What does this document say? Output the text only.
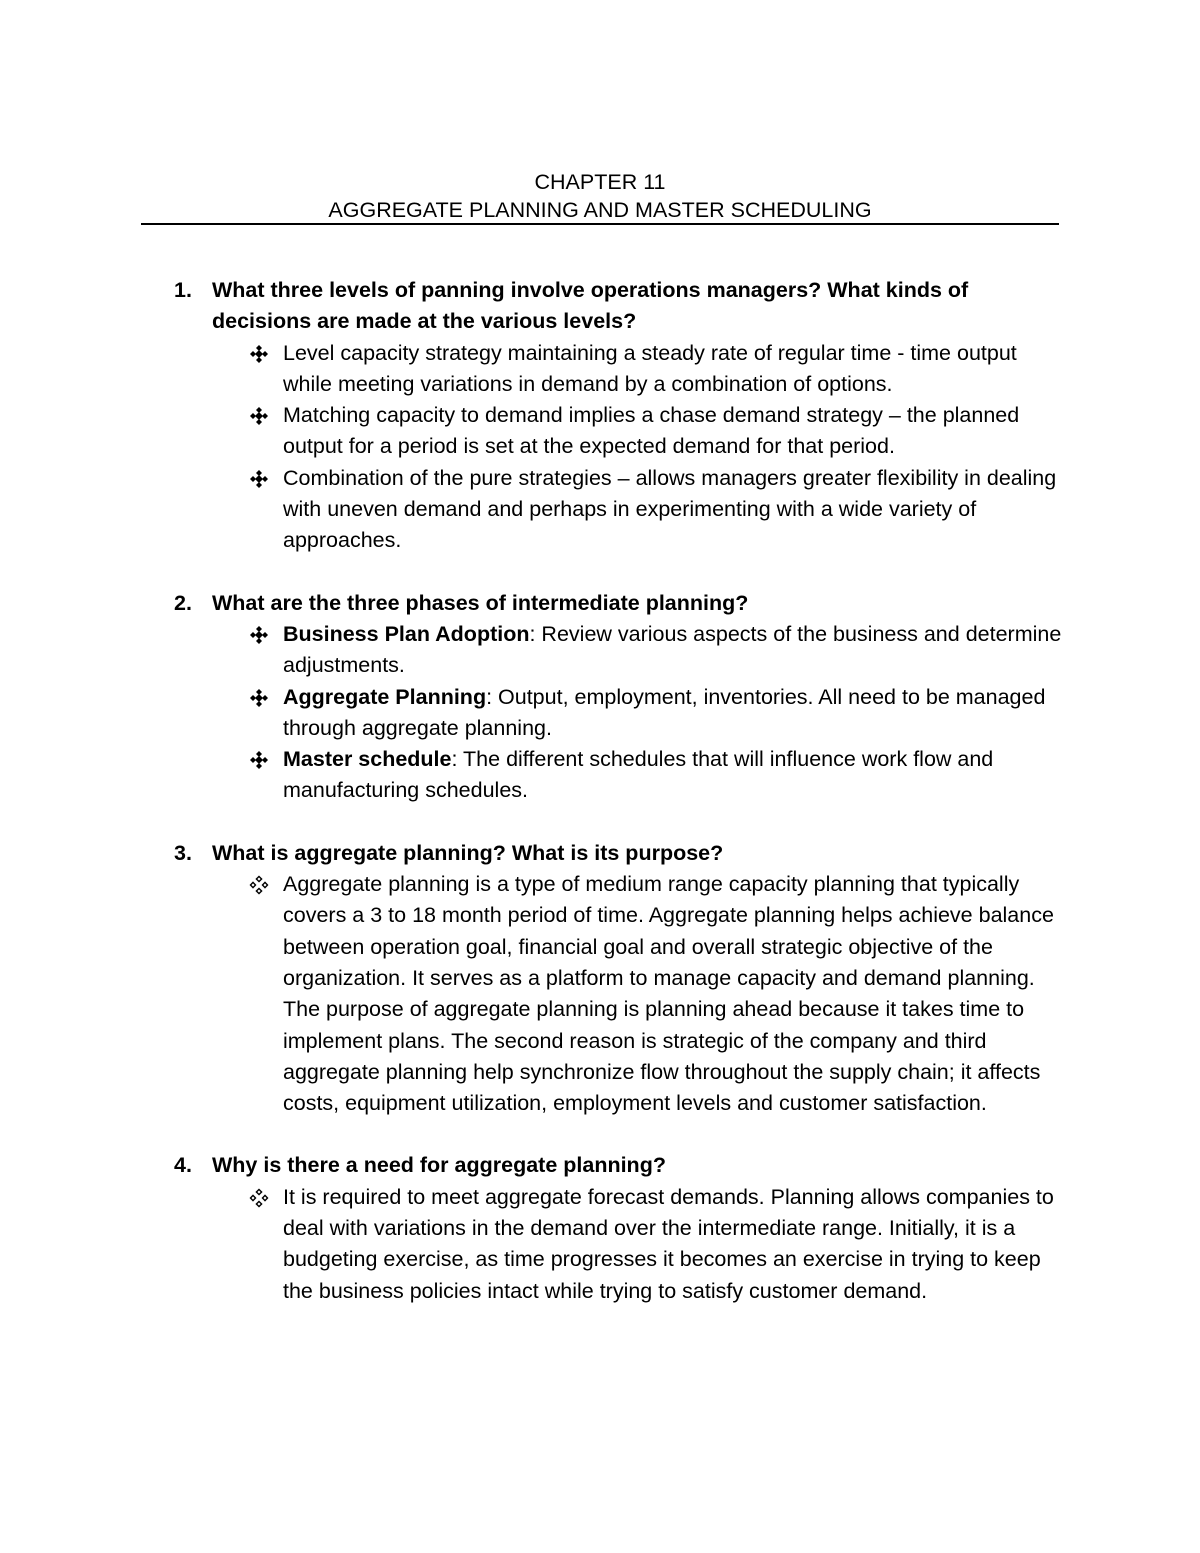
CHAPTER 11

AGGREGATE PLANNING AND MASTER SCHEDULING

1. What three levels of panning involve operations managers? What kinds of decisions are made at the various levels?
Level capacity strategy maintaining a steady rate of regular time - time output while meeting variations in demand by a combination of options.
Matching capacity to demand implies a chase demand strategy – the planned output for a period is set at the expected demand for that period.
Combination of the pure strategies – allows managers greater flexibility in dealing with uneven demand and perhaps in experimenting with a wide variety of approaches.
2. What are the three phases of intermediate planning?
Business Plan Adoption: Review various aspects of the business and determine adjustments.
Aggregate Planning: Output, employment, inventories. All need to be managed through aggregate planning.
Master schedule: The different schedules that will influence work flow and manufacturing schedules.
3. What is aggregate planning? What is its purpose?
Aggregate planning is a type of medium range capacity planning that typically covers a 3 to 18 month period of time. Aggregate planning helps achieve balance between operation goal, financial goal and overall strategic objective of the organization. It serves as a platform to manage capacity and demand planning. The purpose of aggregate planning is planning ahead because it takes time to implement plans. The second reason is strategic of the company and third aggregate planning help synchronize flow throughout the supply chain; it affects costs, equipment utilization, employment levels and customer satisfaction.
4. Why is there a need for aggregate planning?
It is required to meet aggregate forecast demands. Planning allows companies to deal with variations in the demand over the intermediate range. Initially, it is a budgeting exercise, as time progresses it becomes an exercise in trying to keep the business policies intact while trying to satisfy customer demand.
